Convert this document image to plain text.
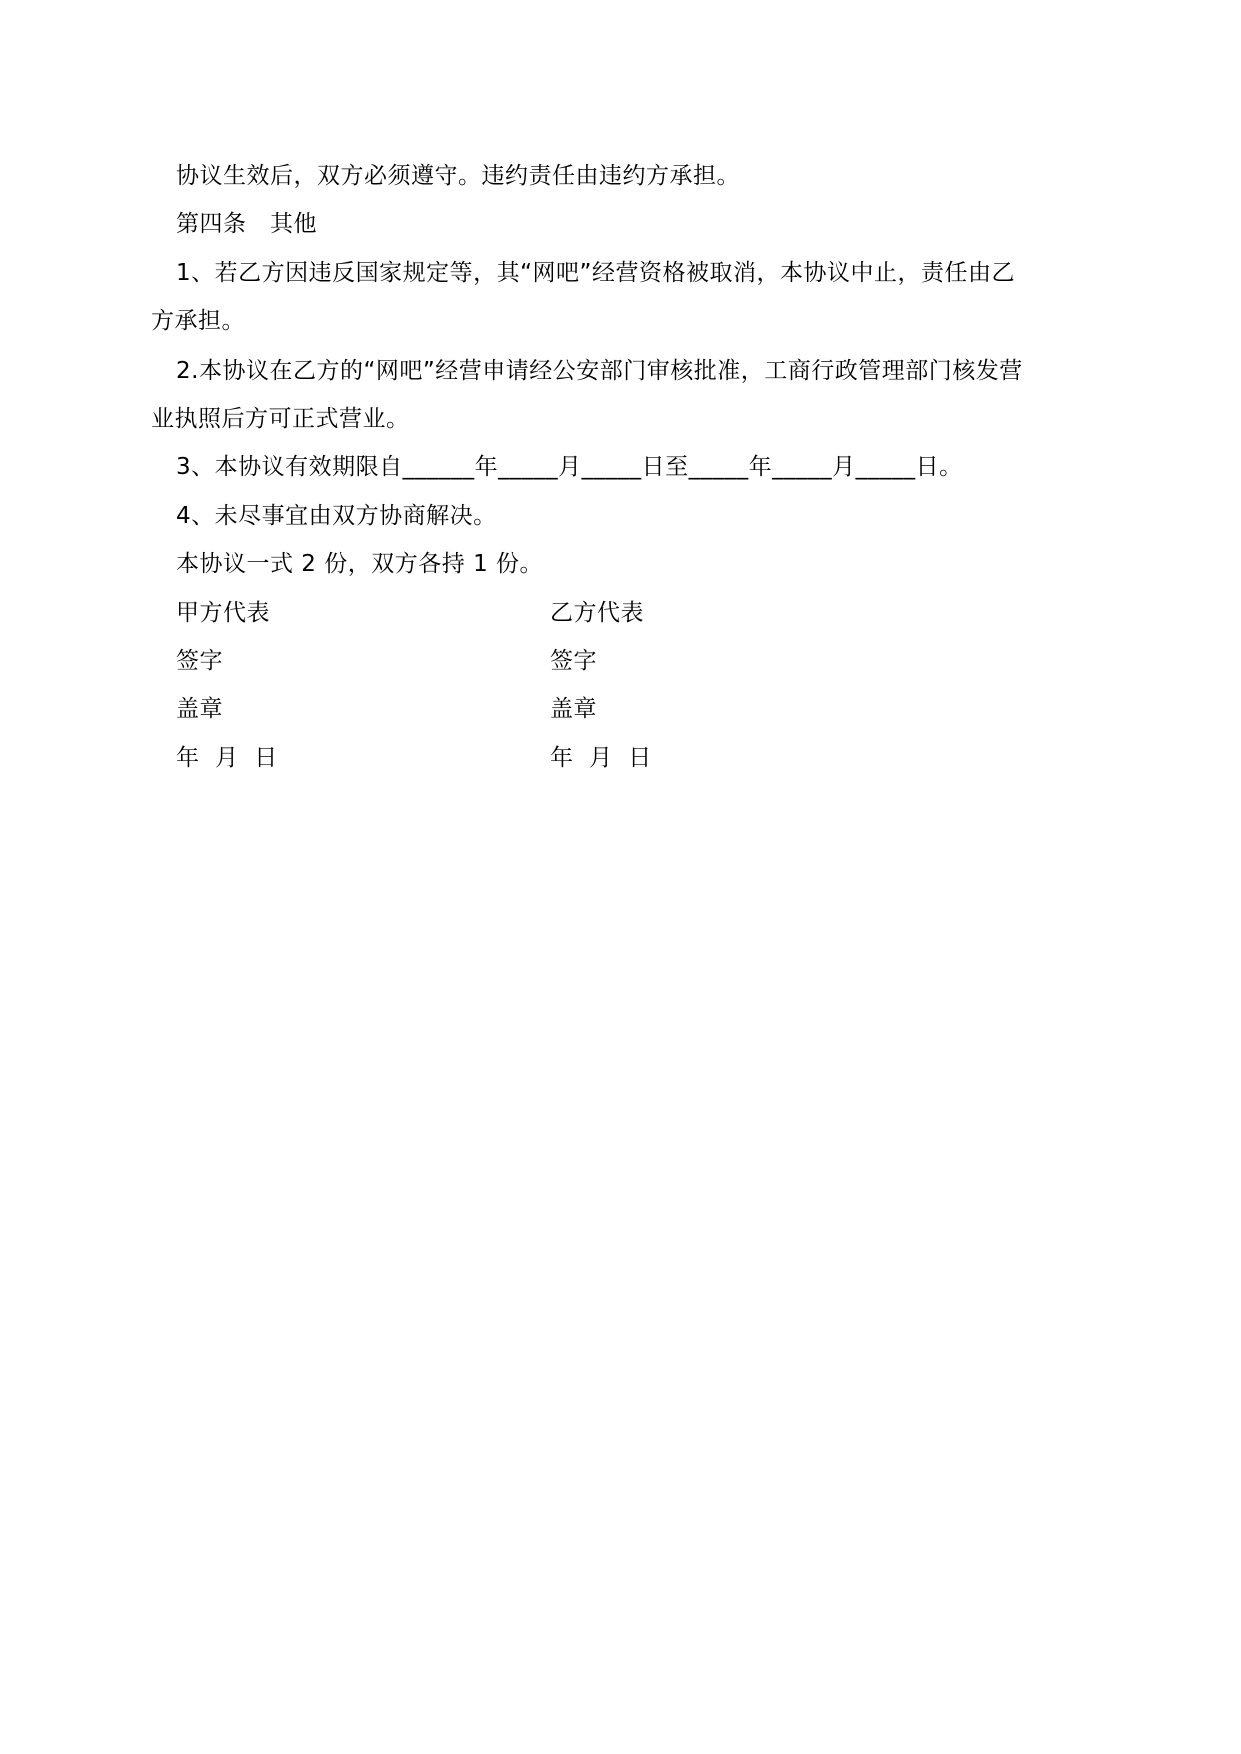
协议生效后，双方必须遵守。违约责任由违约方承担。
第四条　其他
1、若乙方因违反国家规定等，其“网吧”经营资格被取消，本协议中止，责任由乙
方承担。
2.本协议在乙方的“网吧”经营申请经公安部门审核批准，工商行政管理部门核发营
业执照后方可正式营业。
3、本协议有效期限自______年_____月_____日至_____年_____月_____日。
4、未尽事宜由双方协商解决。
本协议一式 2 份，双方各持 1 份。
甲方代表	乙方代表
签字	签字
盖章	盖章
年  月  日	年  月  日
